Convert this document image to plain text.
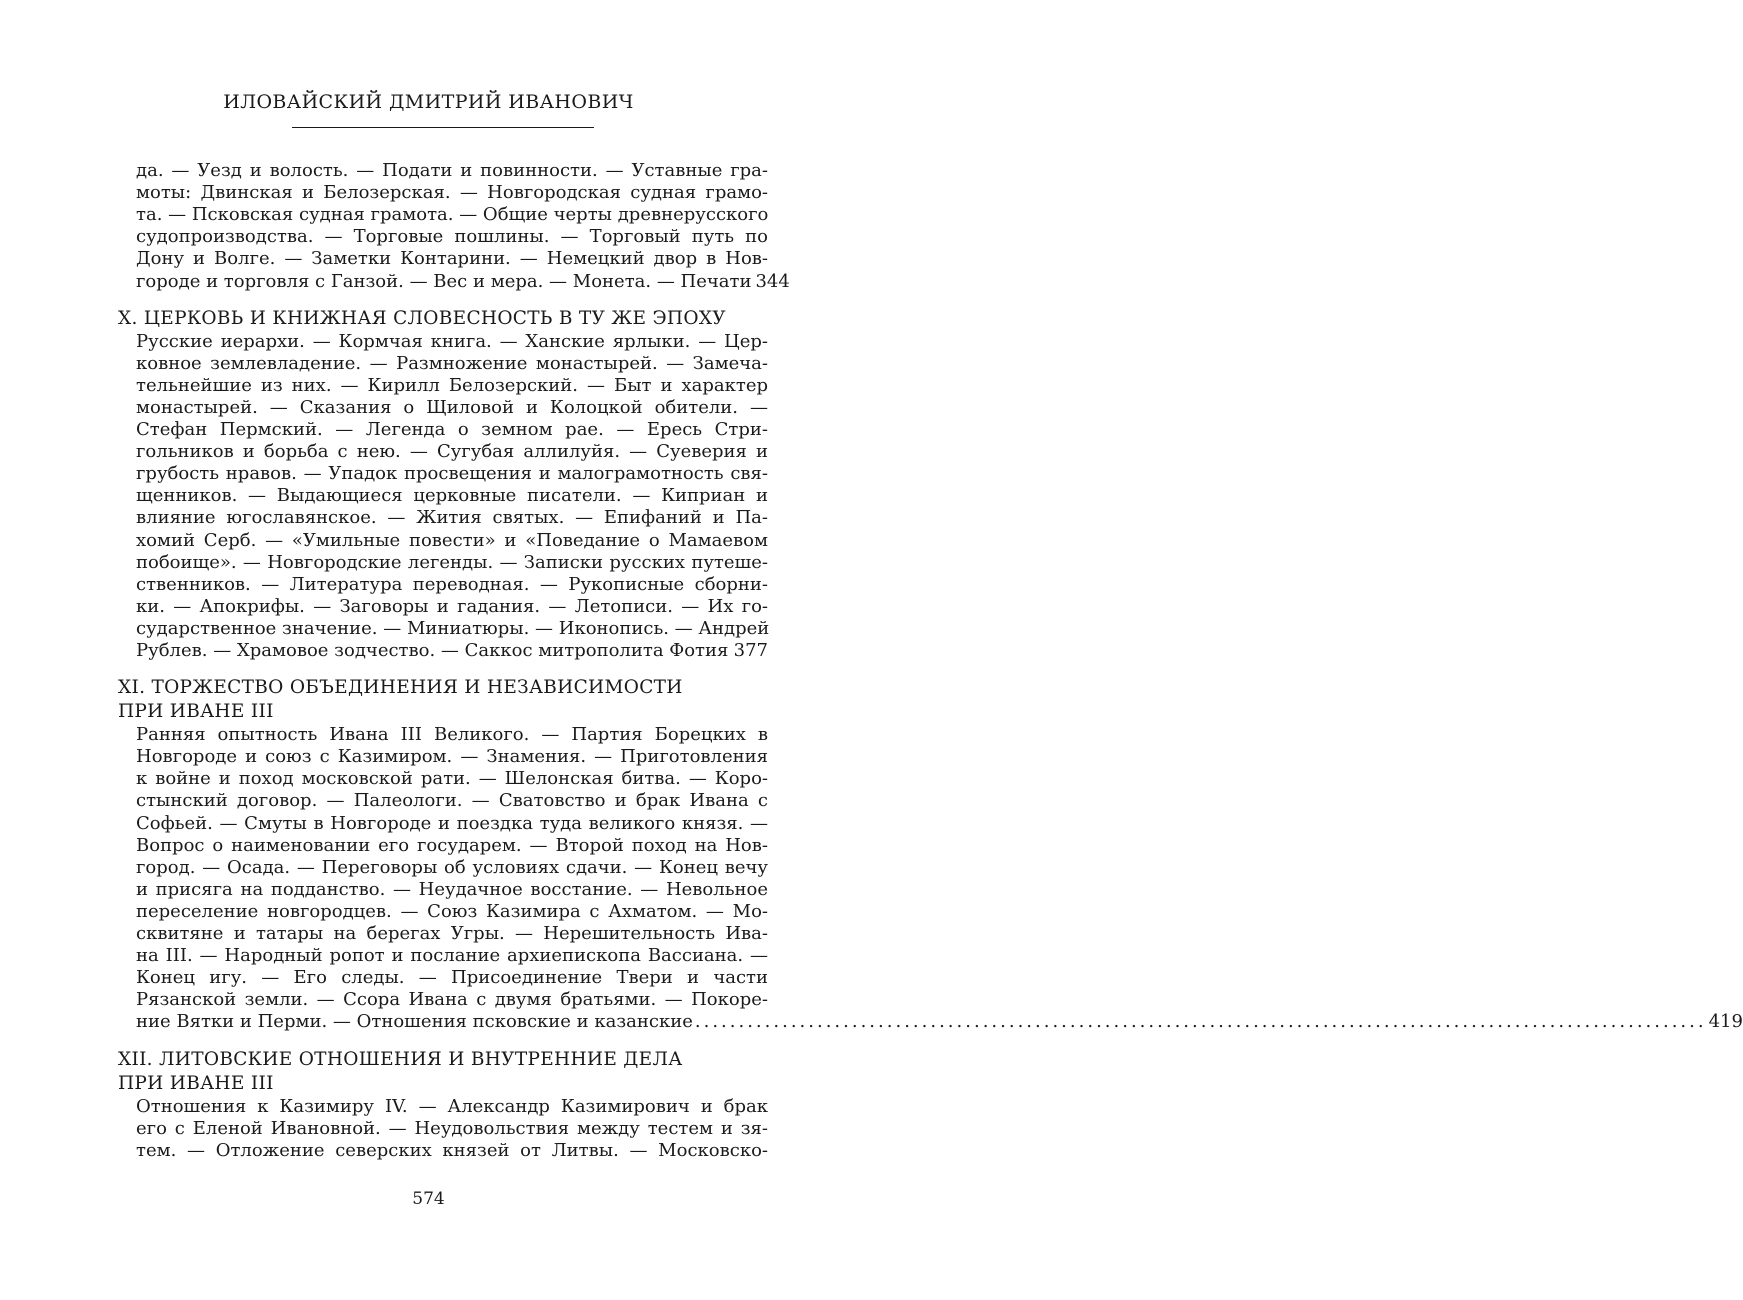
ИЛОВАЙСКИЙ ДМИТРИЙ ИВАНОВИЧ
да. — Уезд и волость. — Подати и повинности. — Уставные гра-
моты: Двинская и Белозерская. — Новгородская судная грамо-
та. — Псковская судная грамота. — Общие черты древнерусского
судопроизводства. — Торговые пошлины. — Торговый путь по
Дону и Волге. — Заметки Контарини. — Немецкий двор в Нов-
городе и торговля с Ганзой. — Вес и мера. — Монета. — Печати 344
X. ЦЕРКОВЬ И КНИЖНАЯ СЛОВЕСНОСТЬ В ТУ ЖЕ ЭПОХУ
Русские иерархи. — Кормчая книга. — Ханские ярлыки. — Цер-
ковное землевладение. — Размножение монастырей. — Замеча-
тельнейшие из них. — Кирилл Белозерский. — Быт и характер
монастырей. — Сказания о Щиловой и Колоцкой обители. —
Стефан Пермский. — Легенда о земном рае. — Ересь Стри-
гольников и борьба с нею. — Сугубая аллилуйя. — Суеверия и
грубость нравов. — Упадок просвещения и малограмотность свя-
щенников. — Выдающиеся церковные писатели. — Киприан и
влияние югославянское. — Жития святых. — Епифаний и Па-
хомий Серб. — «Умильные повести» и «Поведание о Мамаевом
побоище». — Новгородские легенды. — Записки русских путеше-
ственников. — Литература переводная. — Рукописные сборни-
ки. — Апокрифы. — Заговоры и гадания. — Летописи. — Их го-
сударственное значение. — Миниатюры. — Иконопись. — Андрей
Рублев. — Храмовое зодчество. — Саккос митрополита Фотия ..... 377
XI. ТОРЖЕСТВО ОБЪЕДИНЕНИЯ И НЕЗАВИСИМОСТИ
ПРИ ИВАНЕ III
Ранняя опытность Ивана III Великого. — Партия Борецких в
Новгороде и союз с Казимиром. — Знамения. — Приготовления
к войне и поход московской рати. — Шелонская битва. — Коро-
стынский договор. — Палеологи. — Сватовство и брак Ивана с
Софьей. — Смуты в Новгороде и поездка туда великого князя. —
Вопрос о наименовании его государем. — Второй поход на Нов-
город. — Осада. — Переговоры об условиях сдачи. — Конец вечу
и присяга на подданство. — Неудачное восстание. — Невольное
переселение новгородцев. — Союз Казимира с Ахматом. — Мо-
сквитяне и татары на берегах Угры. — Нерешительность Ива-
на III. — Народный ропот и послание архиепископа Вассиана. —
Конец игу. — Его следы. — Присоединение Твери и части
Рязанской земли. — Ссора Ивана с двумя братьями. — Покоре-
ние Вятки и Перми. — Отношения псковские и казанские .....	419
XII. ЛИТОВСКИЕ ОТНОШЕНИЯ И ВНУТРЕННИЕ ДЕЛА
ПРИ ИВАНЕ III
Отношения к Казимиру IV. — Александр Казимирович и брак
его с Еленой Ивановной. — Неудовольствия между тестем и зя-
тем. — Отложение северских князей от Литвы. — Московско-
574
